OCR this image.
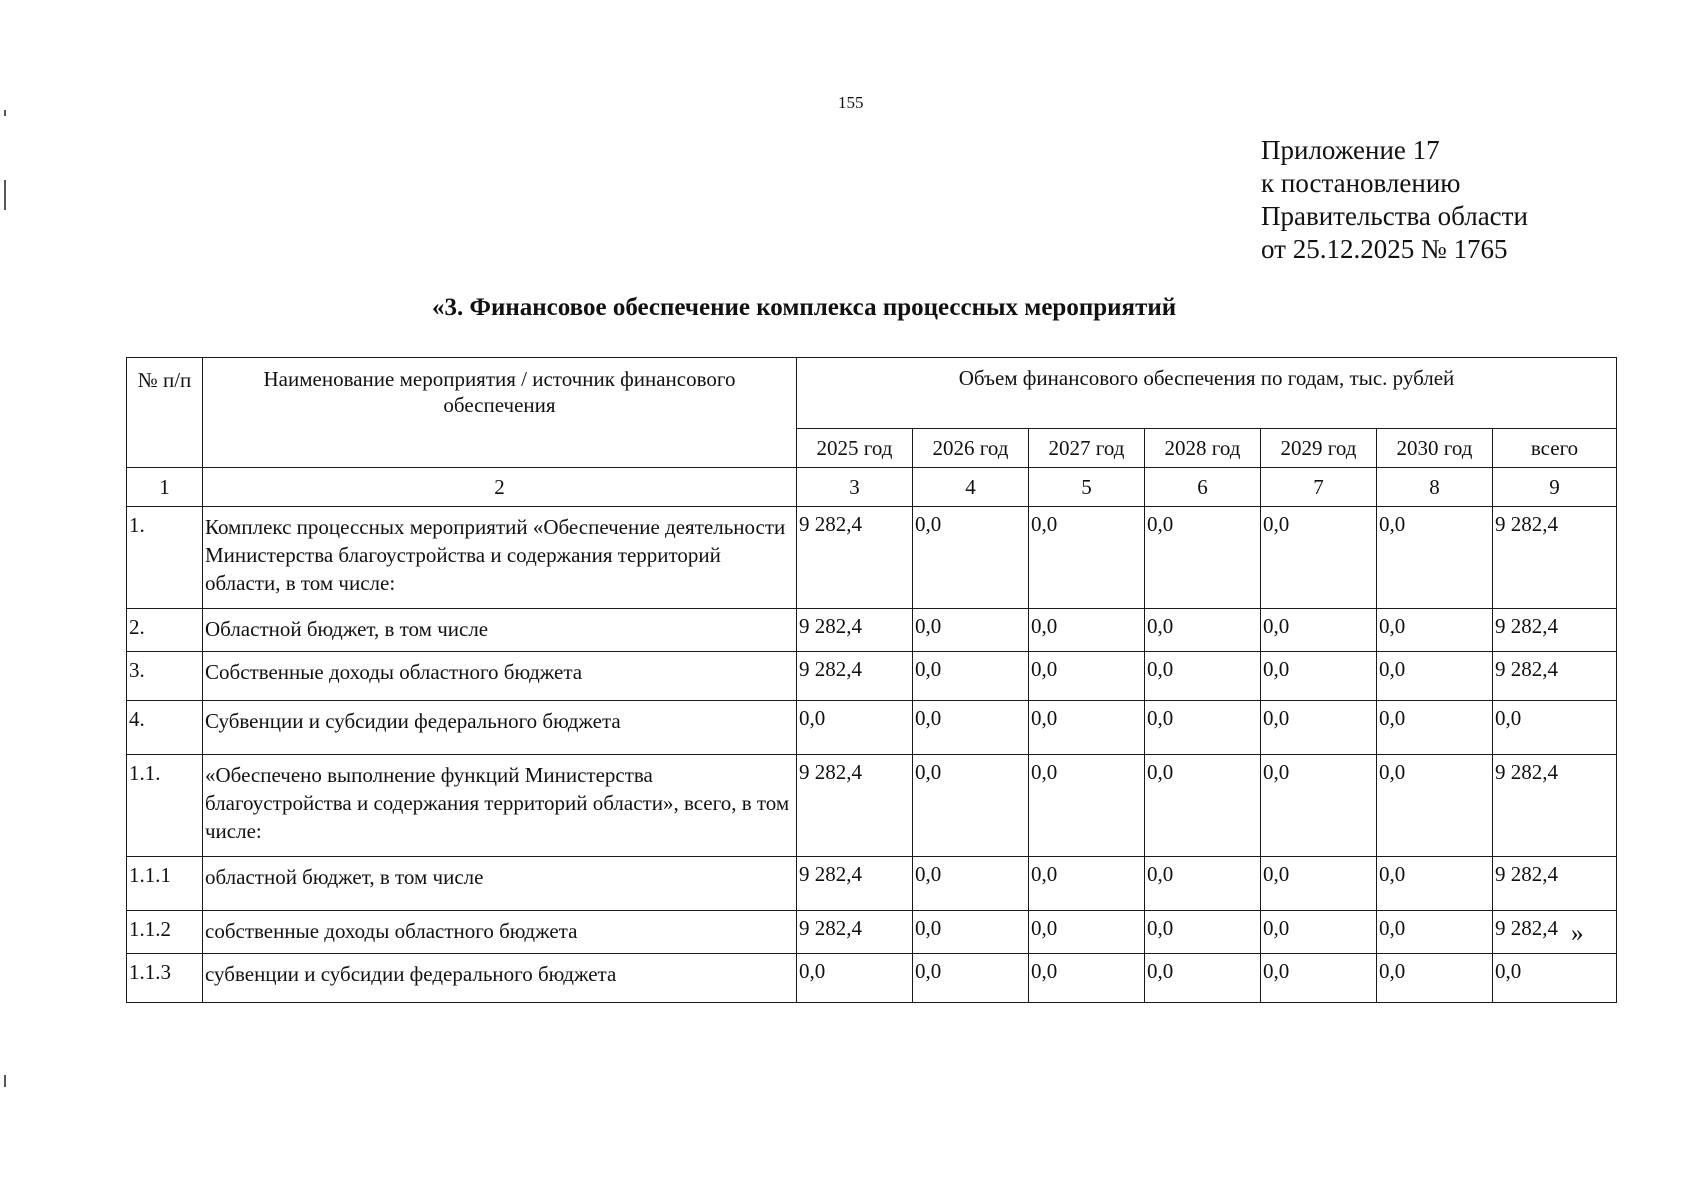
155
Приложение 17
к постановлению
Правительства области
от 25.12.2025 № 1765
«3. Финансовое обеспечение комплекса процессных мероприятий
№ п/п	Наименование мероприятия / источник финансового обеспечения	Объем финансового обеспечения по годам, тыс. рублей						
		2025 год	2026 год	2027 год	2028 год	2029 год	2030 год	всего
1	2	3	4	5	6	7	8	9
1.	Комплекс процессных мероприятий «Обеспечение деятельности Министерства благоустройства и содержания территорий области, в том числе:	9 282,4	0,0	0,0	0,0	0,0	0,0	9 282,4
2.	Областной бюджет, в том числе	9 282,4	0,0	0,0	0,0	0,0	0,0	9 282,4
3.	Собственные доходы областного бюджета	9 282,4	0,0	0,0	0,0	0,0	0,0	9 282,4
4.	Субвенции и субсидии федерального бюджета	0,0	0,0	0,0	0,0	0,0	0,0	0,0
1.1.	«Обеспечено выполнение функций Министерства благоустройства и содержания территорий области», всего, в том числе:	9 282,4	0,0	0,0	0,0	0,0	0,0	9 282,4
1.1.1	областной бюджет, в том числе	9 282,4	0,0	0,0	0,0	0,0	0,0	9 282,4
1.1.2	собственные доходы областного бюджета	9 282,4	0,0	0,0	0,0	0,0	0,0	9 282,4
1.1.3	субвенции и субсидии федерального бюджета	0,0	0,0	0,0	0,0	0,0	0,0	0,0
»
